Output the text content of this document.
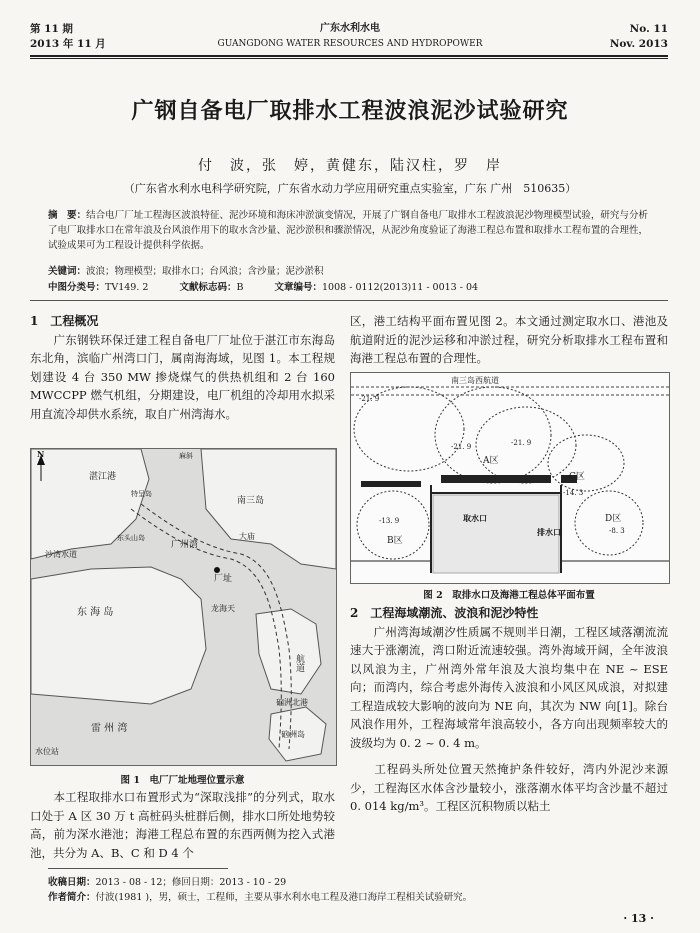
第 11 期
2013 年 11 月
广东水利水电
GUANGDONG WATER RESOURCES AND HYDROPOWER
No. 11
Nov. 2013
广钢自备电厂取排水工程波浪泥沙试验研究
付　波，张　婷，黄健东，陆汉柱，罗　岸
（广东省水利水电科学研究院，广东省水动力学应用研究重点实验室，广东 广州　510635）
摘　要：结合电厂厂址工程海区波浪特征、泥沙环境和海床冲淤演变情况，开展了广钢自备电厂取排水工程波浪泥沙物理模型试验，研究与分析了电厂取排水口在常年浪及台风浪作用下的取水含沙量、泥沙淤积和骤淤情况，从泥沙角度验证了海港工程总布置和取排水工程布置的合理性，试验成果可为工程设计提供科学依据。
关键词：波浪；物理模型；取排水口；台风浪；含沙量；泥沙淤积
中图分类号：TV149. 2	文献标志码：B	文章编号：1008 - 0112(2013)11 - 0013 - 04
1　工程概况
　　广东钢铁环保迁建工程自备电厂厂址位于湛江市东海岛东北角，滨临广州湾口门，属南海海域，见图 1。本工程规划建设 4 台 350 MW 掺烧煤气的供热机组和 2 台 160 MWCCPP 燃气机组，分期建设，电厂机组的冷却用水拟采用直流冷却供水系统，取自广州湾海水。
N
湛江港
南三岛
广州湾
沙湾水道
东 海 岛
大庙
厂址
龙海天
航道
雷 州 湾
水位站
硇洲北港
硇洲岛
东头山岛
特呈岛
麻斜
图 1　电厂厂址地理位置示意
　　本工程取排水口布置形式为“深取浅排”的分列式，取水口处于 A 区 30 万 t 高桩码头桩群后侧，排水口所处地势较高，前为深水港池；海港工程总布置的东西两侧为挖入式港池，共分为 A、B、C 和 D 4 个
区，港工结构平面布置见图 2。本文通过测定取水口、港池及航道附近的泥沙运移和冲淤过程，研究分析取排水工程布置和海港工程总布置的合理性。
南三岛西航道
-21. 9
-21. 9	-21. 9
A区
C区
B区
-13. 9	D区
-8. 3
取水口
排水口
-14. 3
图 2　取排水口及海港工程总体平面布置
2　工程海域潮流、波浪和泥沙特性
　　广州湾海域潮汐性质属不规则半日潮，工程区域落潮流流速大于涨潮流，湾口附近流速较强。湾外海域开阔，全年波浪以风浪为主，广州湾外常年浪及大浪均集中在 NE ~ ESE 向；而湾内，综合考虑外海传入波浪和小风区风成浪，对拟建工程造成较大影响的波向为 NE 向，其次为 NW 向[1]。除台风浪作用外，工程海域常年浪高较小，各方向出现频率较大的波级均为 0. 2 ~ 0. 4 m。
　　工程码头所处位置天然掩护条件较好，湾内外泥沙来源少，工程海区水体含沙量较小，涨落潮水体平均含沙量不超过 0. 014 kg/m³。工程区沉积物质以粘土
收稿日期：2013 - 08 - 12；修回日期：2013 - 10 - 29
作者简介：付波(1981 )，男，硕士，工程师，主要从事水利水电工程及港口海岸工程相关试验研究。
· 13 ·
